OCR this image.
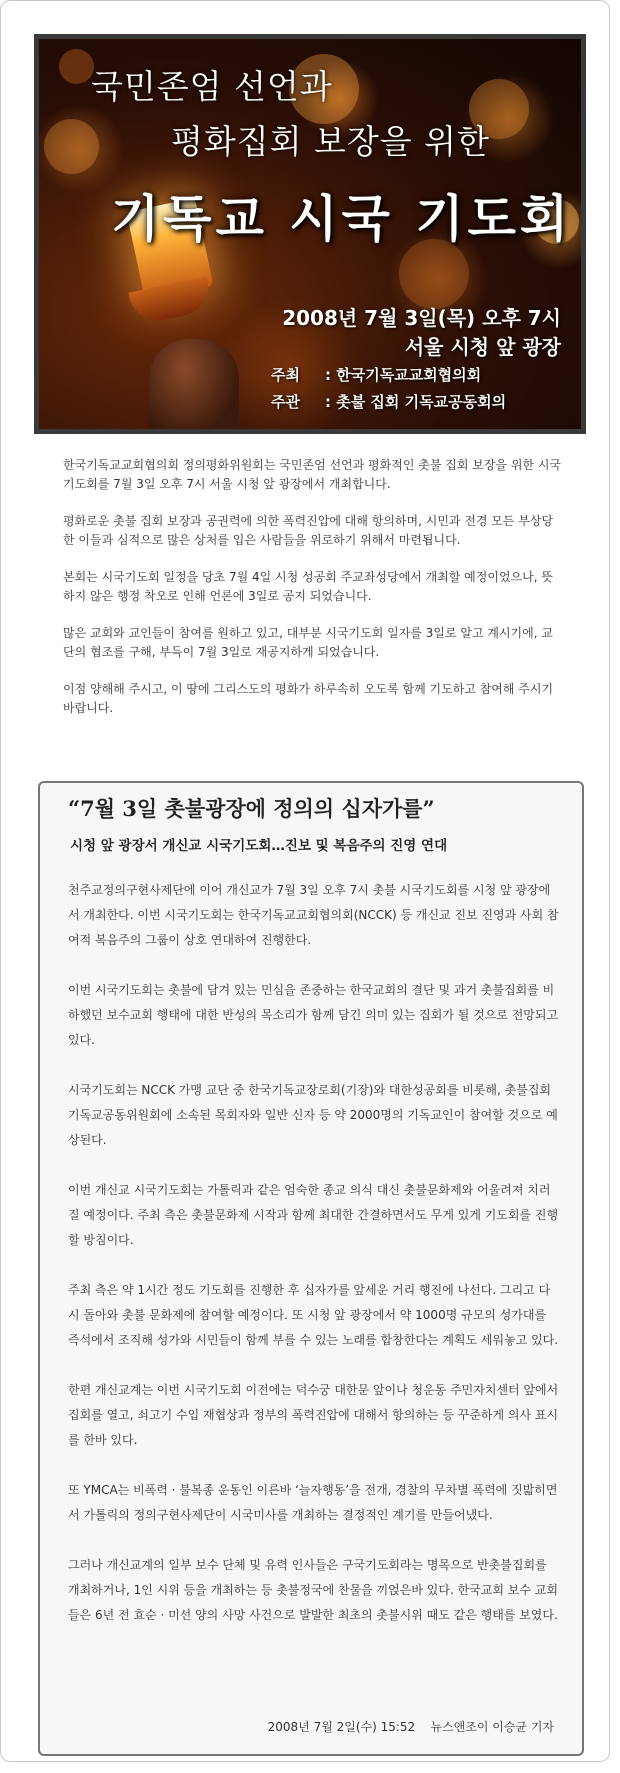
국민존엄 선언과
평화집회 보장을 위한
기독교 시국 기도회
2008년 7월 3일(목) 오후 7시
서울 시청 앞 광장
주최 : 한국기독교교회협의회
주관 : 촛불 집회 기독교공동회의

한국기독교교회협의회 정의평화위원회는 국민존엄 선언과 평화적인 촛불 집회 보장을 위한 시국 기도회를 7월 3일 오후 7시 서울 시청 앞 광장에서 개최합니다.

평화로운 촛불 집회 보장과 공권력에 의한 폭력진압에 대해 항의하며, 시민과 전경 모든 부상당한 이들과 심적으로 많은 상처를 입은 사람들을 위로하기 위해서 마련됩니다.

본회는 시국기도회 일정을 당초 7월 4일 시청 성공회 주교좌성당에서 개최할 예정이었으나, 뜻하지 않은 행정 착오로 인해 언론에 3일로 공지 되었습니다.

많은 교회와 교인들이 참여를 원하고 있고, 대부분 시국기도회 일자를 3일로 알고 계시기에, 교단의 협조를 구해, 부득이 7월 3일로 재공지하게 되었습니다.

이점 양해해 주시고, 이 땅에 그리스도의 평화가 하루속히 오도록 함께 기도하고 참여해 주시기 바랍니다.

“7월 3일 촛불광장에 정의의 십자가를”
시청 앞 광장서 개신교 시국기도회…진보 및 복음주의 진영 연대

천주교정의구현사제단에 이어 개신교가 7월 3일 오후 7시 촛불 시국기도회를 시청 앞 광장에서 개최한다. 이번 시국기도회는 한국기독교교회협의회(NCCK) 등 개신교 진보 진영과 사회 참여적 복음주의 그룹이 상호 연대하여 진행한다.

이번 시국기도회는 촛불에 담겨 있는 민심을 존중하는 한국교회의 결단 및 과거 촛불집회를 비하했던 보수교회 행태에 대한 반성의 목소리가 함께 담긴 의미 있는 집회가 될 것으로 전망되고 있다.

시국기도회는 NCCK 가맹 교단 중 한국기독교장로회(기장)와 대한성공회를 비롯해, 촛불집회기독교공동위원회에 소속된 목회자와 일반 신자 등 약 2000명의 기독교인이 참여할 것으로 예상된다.

이번 개신교 시국기도회는 가톨릭과 같은 엄숙한 종교 의식 대신 촛불문화제와 어울려져 치러질 예정이다. 주최 측은 촛불문화제 시작과 함께 최대한 간결하면서도 무게 있게 기도회를 진행할 방침이다.

주최 측은 약 1시간 정도 기도회를 진행한 후 십자가를 앞세운 거리 행진에 나선다. 그리고 다시 돌아와 촛불 문화제에 참여할 예정이다. 또 시청 앞 광장에서 약 1000명 규모의 성가대를 즉석에서 조직해 성가와 시민들이 함께 부를 수 있는 노래를 합창한다는 계획도 세워놓고 있다.

한편 개신교계는 이번 시국기도회 이전에는 덕수궁 대한문 앞이나 청운동 주민자치센터 앞에서 집회를 열고, 쇠고기 수입 재협상과 정부의 폭력진압에 대해서 항의하는 등 꾸준하게 의사 표시를 한바 있다.

또 YMCA는 비폭력 · 불복종 운동인 이른바 ‘늘자행동’을 전개, 경찰의 무차별 폭력에 짓밟히면서 가톨릭의 정의구현사제단이 시국미사를 개최하는 결정적인 계기를 만들어냈다.

그러나 개신교계의 일부 보수 단체 및 유력 인사들은 구국기도회라는 명목으로 반촛불집회를 개최하거나, 1인 시위 등을 개최하는 등 촛불정국에 찬물을 끼얹은바 있다. 한국교회 보수 교회들은 6년 전 효순 · 미선 양의 사망 사건으로 발발한 최초의 촛불시위 때도 같은 행태를 보였다.

2008년 7월 2일(수) 15:52    뉴스앤조이 이승균 기자
